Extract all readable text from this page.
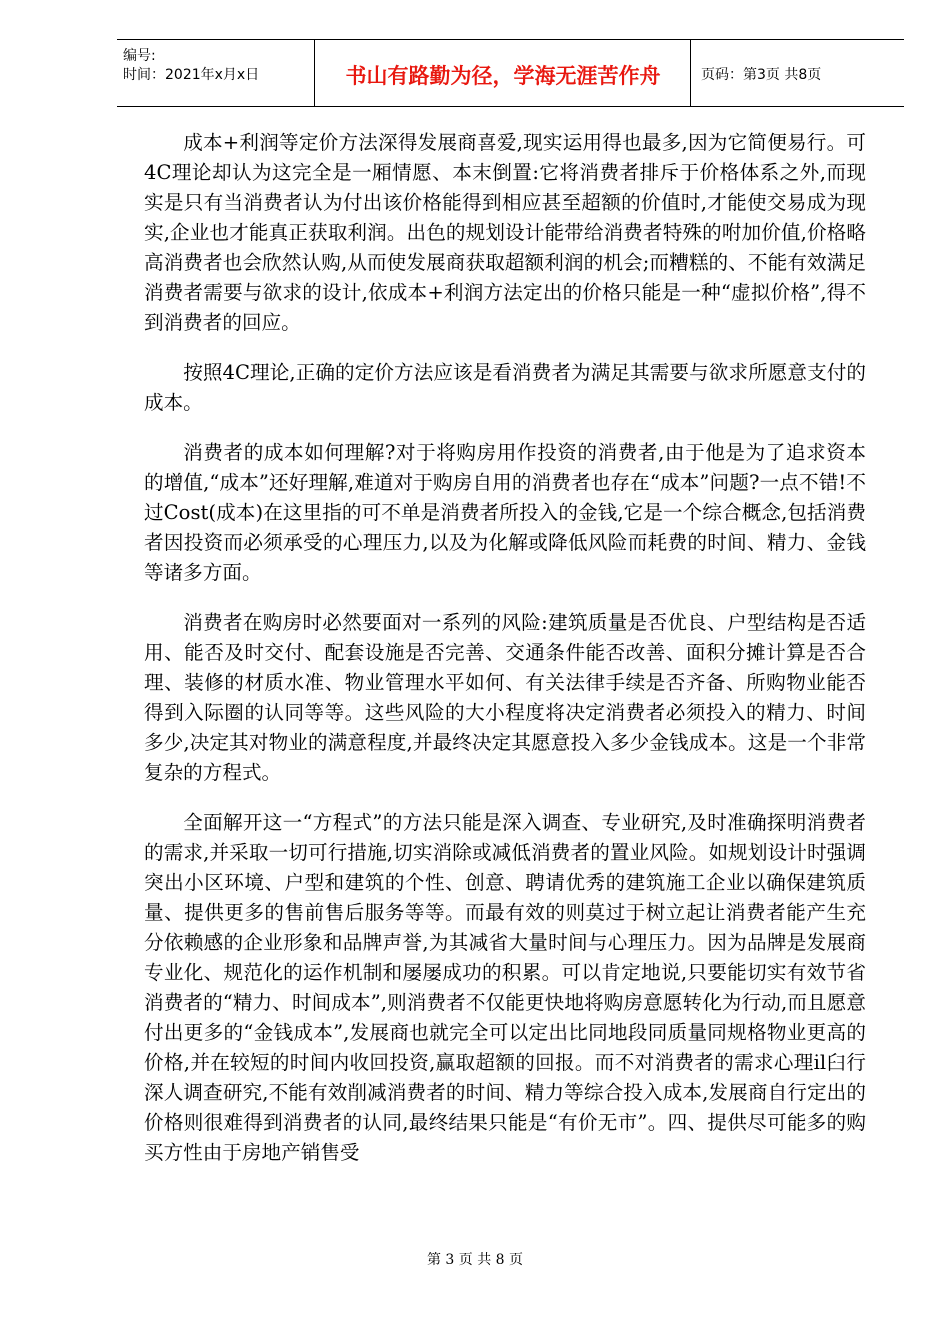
编号:
时间：2021年x月x日	书山有路勤为径，学海无涯苦作舟	页码：第3页 共8页

成本+利润等定价方法深得发展商喜爱,现实运用得也最多,因为它简便易行。可4C理论却认为这完全是一厢情愿、本末倒置:它将消费者排斥于价格体系之外,而现实是只有当消费者认为付出该价格能得到相应甚至超额的价值时,才能使交易成为现实,企业也才能真正获取利润。出色的规划设计能带给消费者特殊的咐加价值,价格略高消费者也会欣然认购,从而使发展商获取超额利润的机会;而糟糕的、不能有效满足消费者需要与欲求的设计,依成本+利润方法定出的价格只能是一种“虚拟价格”,得不到消费者的回应。

按照4C理论,正确的定价方法应该是看消费者为满足其需要与欲求所愿意支付的成本。

消费者的成本如何理解?对于将购房用作投资的消费者,由于他是为了追求资本的增值,“成本”还好理解,难道对于购房自用的消费者也存在“成本”问题?一点不错!不过Cost(成本)在这里指的可不单是消费者所投入的金钱,它是一个综合概念,包括消费者因投资而必须承受的心理压力,以及为化解或降低风险而耗费的时间、精力、金钱等诸多方面。

消费者在购房时必然要面对一系列的风险:建筑质量是否优良、户型结构是否适用、能否及时交付、配套设施是否完善、交通条件能否改善、面积分摊计算是否合理、装修的材质水准、物业管理水平如何、有关法律手续是否齐备、所购物业能否得到入际圈的认同等等。这些风险的大小程度将决定消费者必须投入的精力、时间多少,决定其对物业的满意程度,并最终决定其愿意投入多少金钱成本。这是一个非常复杂的方程式。

全面解开这一“方程式”的方法只能是深入调查、专业研究,及时准确探明消费者的需求,并采取一切可行措施,切实消除或减低消费者的置业风险。如规划设计时强调突出小区环境、户型和建筑的个性、创意、聘请优秀的建筑施工企业以确保建筑质量、提供更多的售前售后服务等等。而最有效的则莫过于树立起让消费者能产生充分依赖感的企业形象和品牌声誉,为其减省大量时间与心理压力。因为品牌是发展商专业化、规范化的运作机制和屡屡成功的积累。可以肯定地说,只要能切实有效节省消费者的“精力、时间成本”,则消费者不仅能更快地将购房意愿转化为行动,而且愿意付出更多的“金钱成本”,发展商也就完全可以定出比同地段同质量同规格物业更高的价格,并在较短的时间内收回投资,赢取超额的回报。而不对消费者的需求心理il臼行深人调查研究,不能有效削减消费者的时间、精力等综合投入成本,发展商自行定出的价格则很难得到消费者的认同,最终结果只能是“有价无市”。四、提供尽可能多的购买方性由于房地产销售受

第 3 页 共 8 页
